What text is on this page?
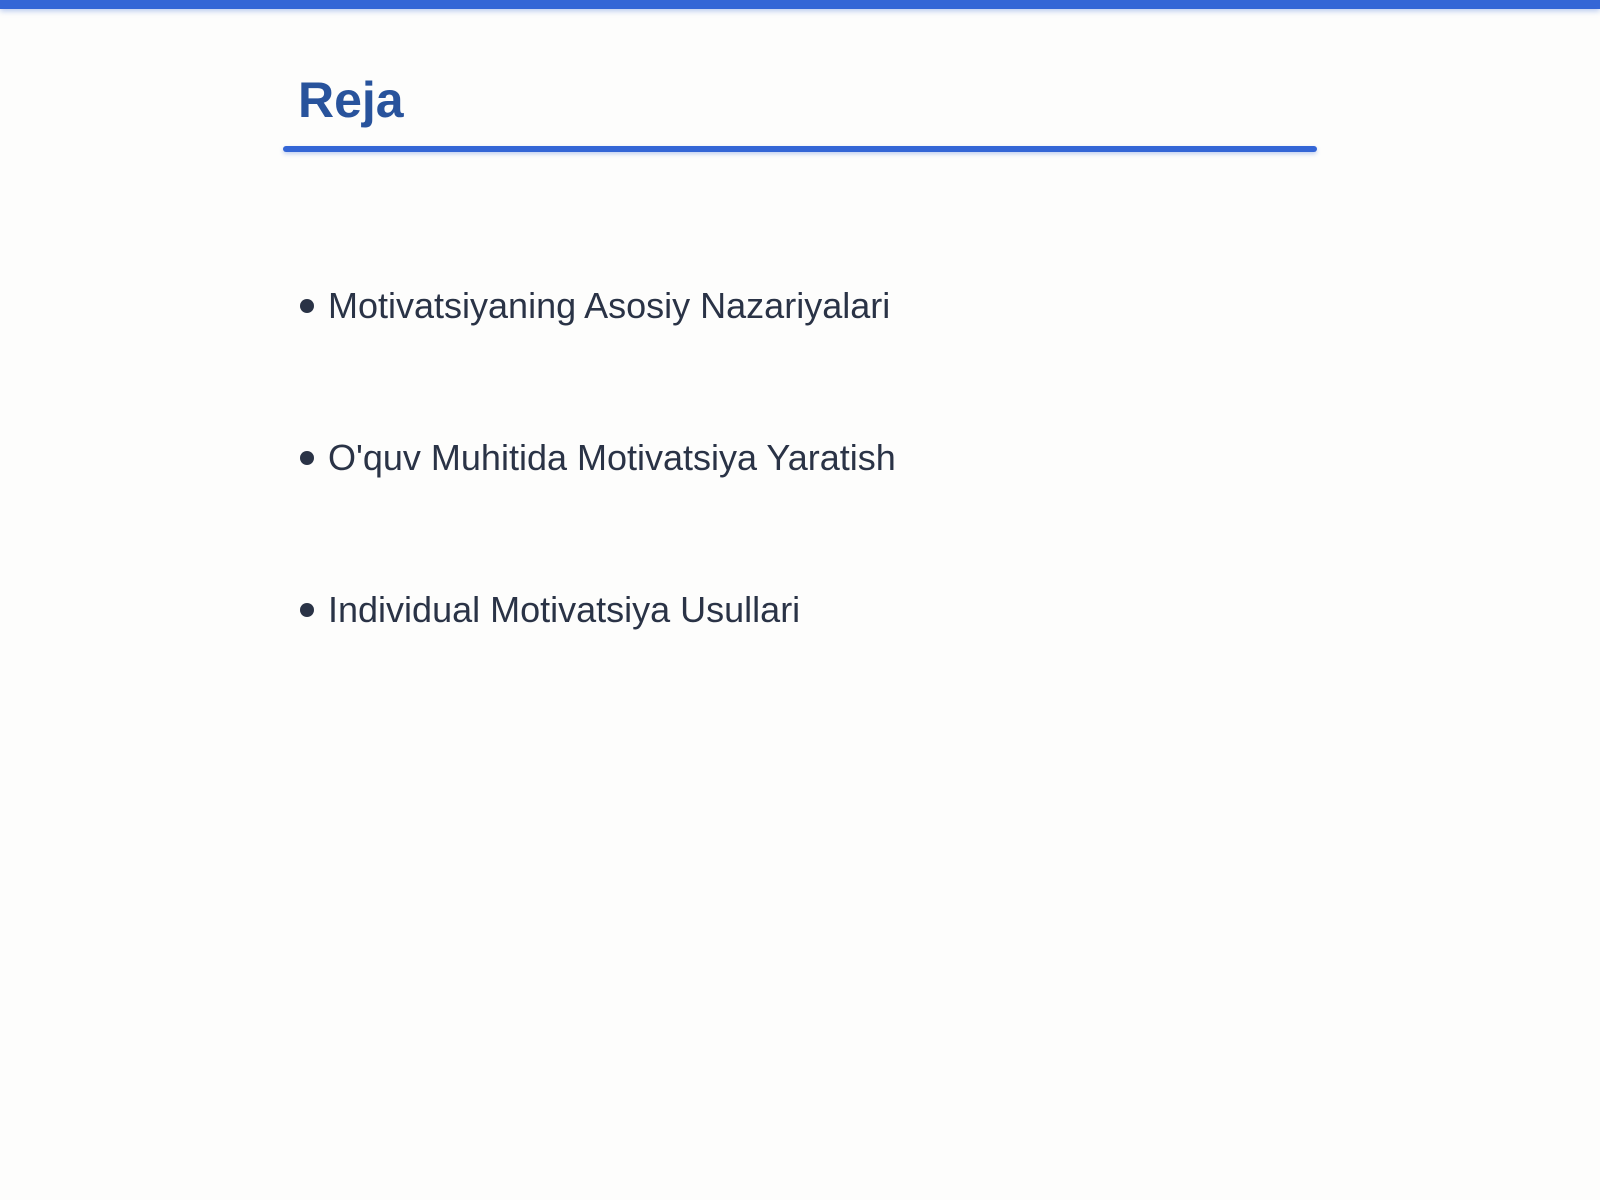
Reja
Motivatsiyaning Asosiy Nazariyalari
O'quv Muhitida Motivatsiya Yaratish
Individual Motivatsiya Usullari
